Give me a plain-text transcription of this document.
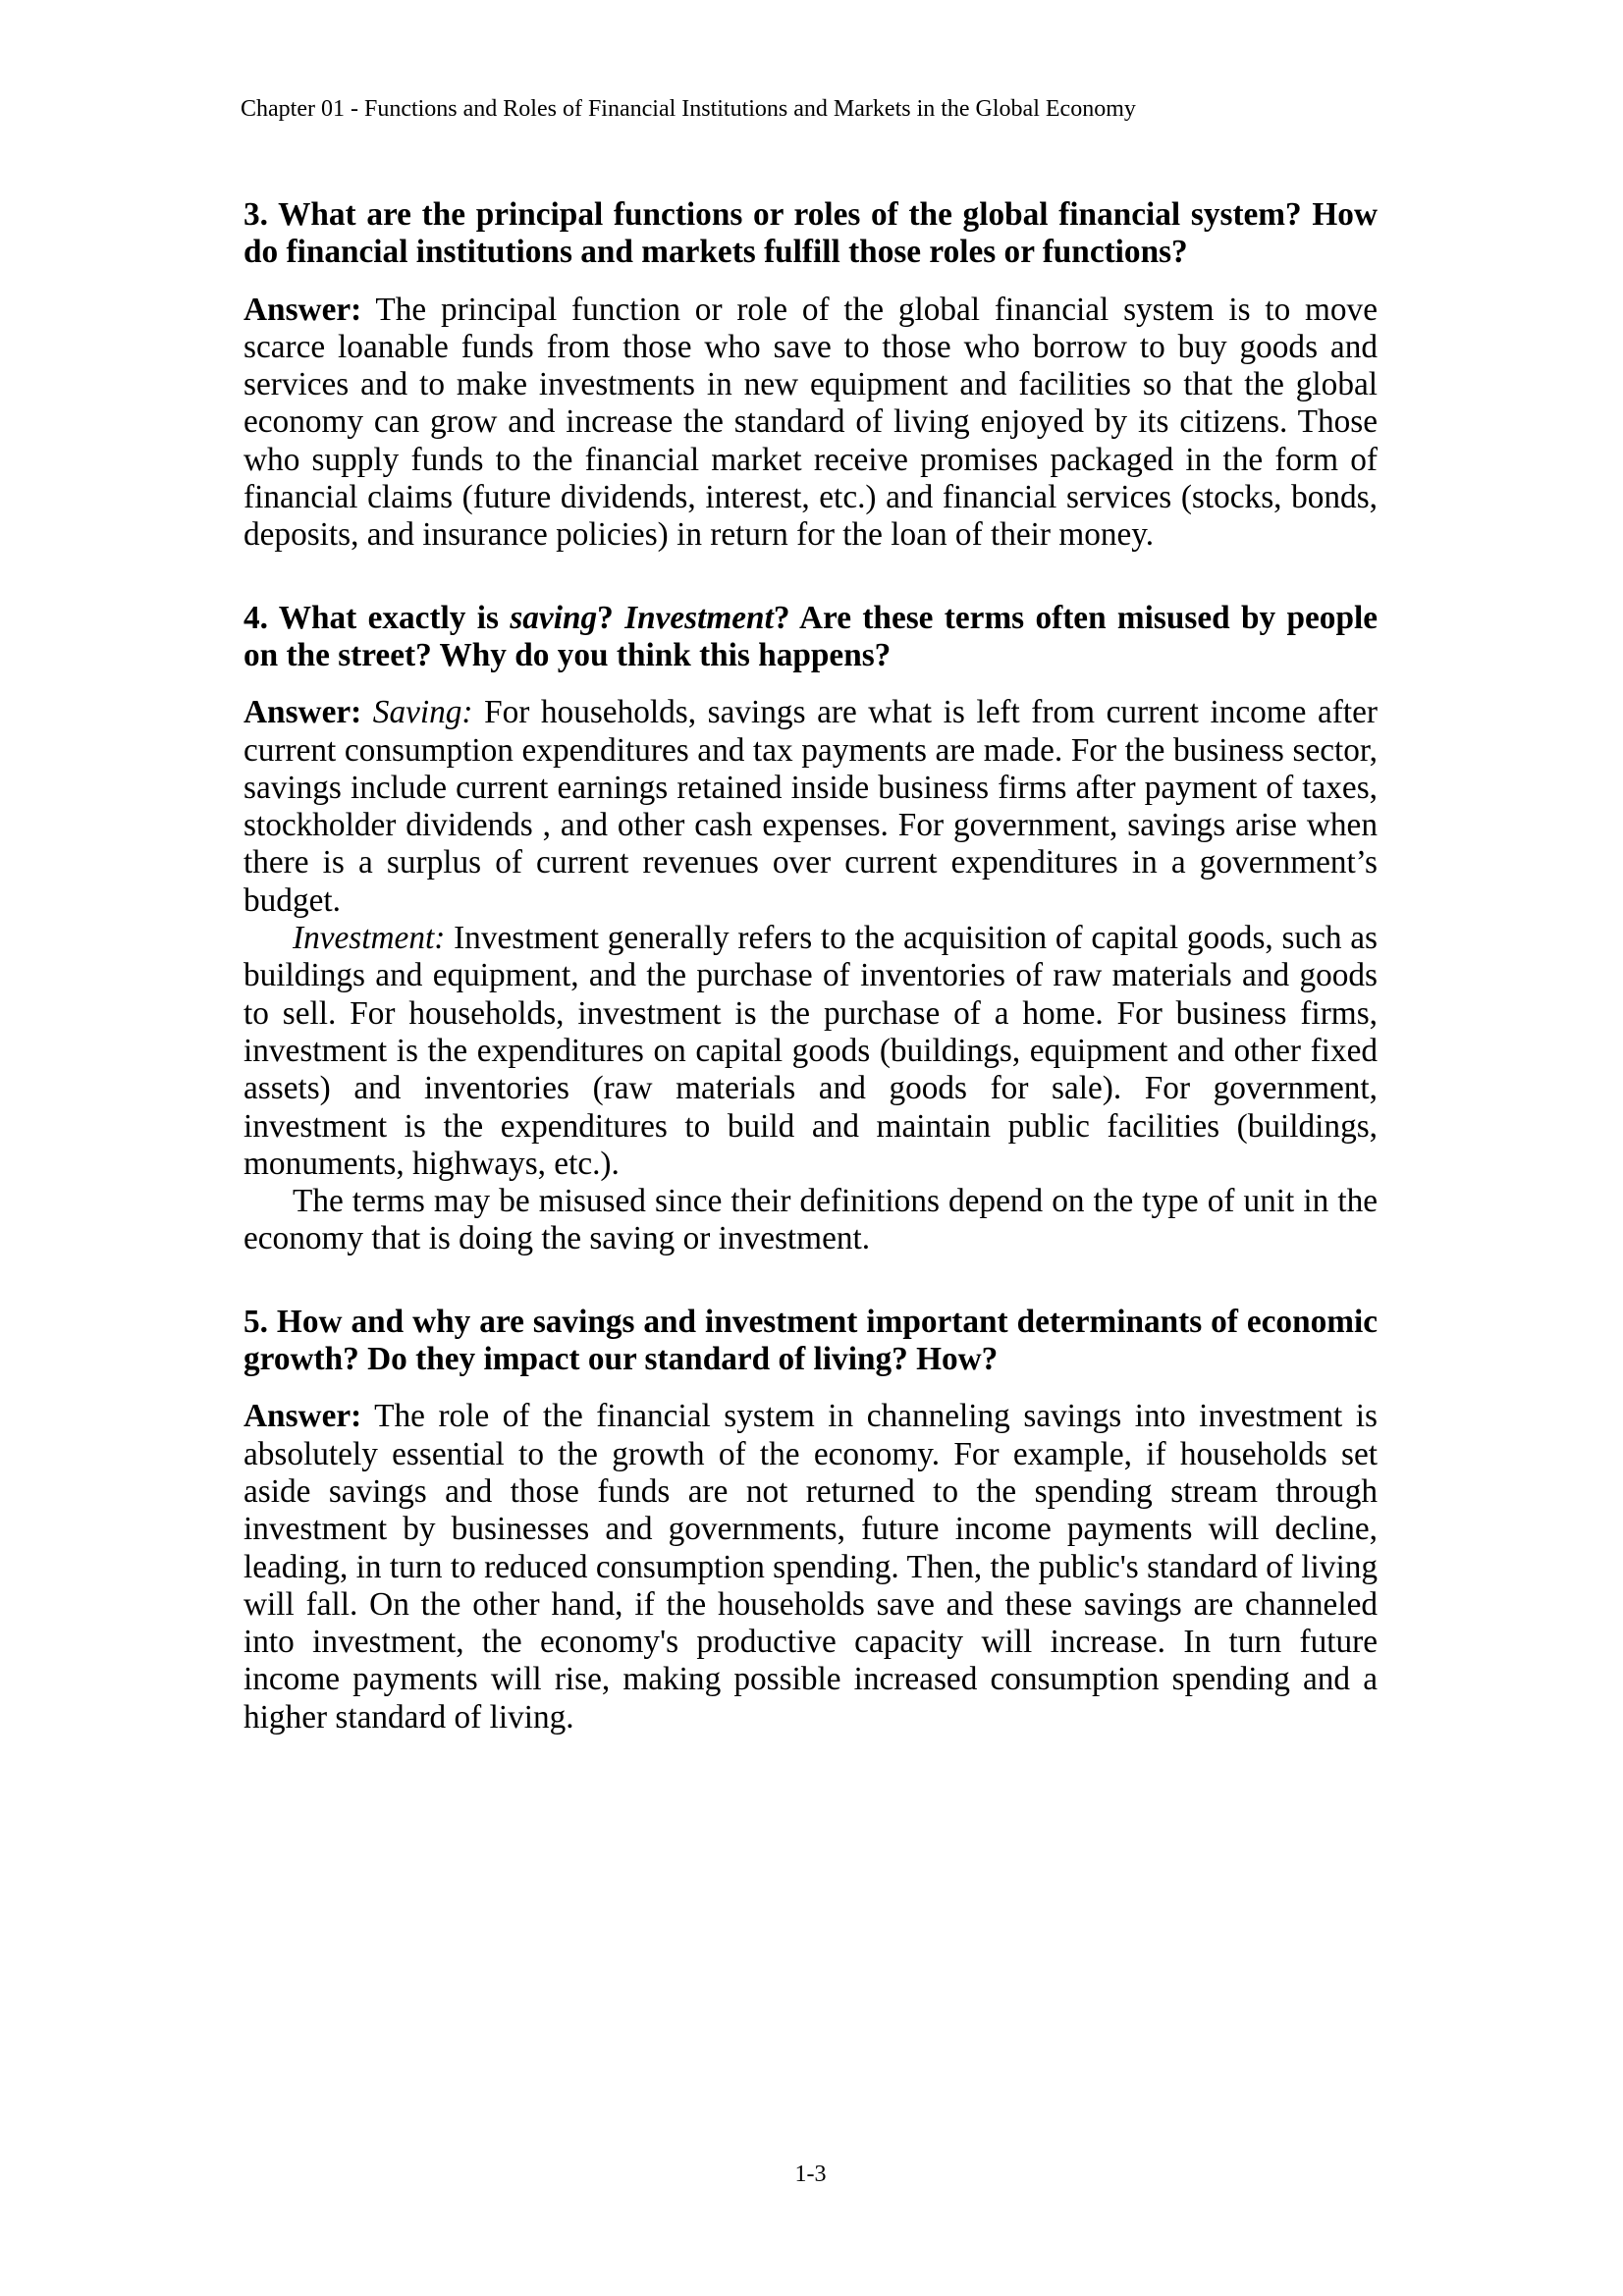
Chapter 01 - Functions and Roles of Financial Institutions and Markets in the Global Economy

3. What are the principal functions or roles of the global financial system? How do financial institutions and markets fulfill those roles or functions?

Answer: The principal function or role of the global financial system is to move scarce loanable funds from those who save to those who borrow to buy goods and services and to make investments in new equipment and facilities so that the global economy can grow and increase the standard of living enjoyed by its citizens. Those who supply funds to the financial market receive promises packaged in the form of financial claims (future dividends, interest, etc.) and financial services (stocks, bonds, deposits, and insurance policies) in return for the loan of their money.

4. What exactly is saving? Investment? Are these terms often misused by people on the street? Why do you think this happens?

Answer: Saving: For households, savings are what is left from current income after current consumption expenditures and tax payments are made. For the business sector, savings include current earnings retained inside business firms after payment of taxes, stockholder dividends , and other cash expenses. For government, savings arise when there is a surplus of current revenues over current expenditures in a government’s budget.

Investment: Investment generally refers to the acquisition of capital goods, such as buildings and equipment, and the purchase of inventories of raw materials and goods to sell. For households, investment is the purchase of a home. For business firms, investment is the expenditures on capital goods (buildings, equipment and other fixed assets) and inventories (raw materials and goods for sale). For government, investment is the expenditures to build and maintain public facilities (buildings, monuments, highways, etc.).

The terms may be misused since their definitions depend on the type of unit in the economy that is doing the saving or investment.

5. How and why are savings and investment important determinants of economic growth? Do they impact our standard of living? How?

Answer: The role of the financial system in channeling savings into investment is absolutely essential to the growth of the economy. For example, if households set aside savings and those funds are not returned to the spending stream through investment by businesses and governments, future income payments will decline, leading, in turn to reduced consumption spending. Then, the public's standard of living will fall. On the other hand, if the households save and these savings are channeled into investment, the economy's productive capacity will increase. In turn future income payments will rise, making possible increased consumption spending and a higher standard of living.

1-3
